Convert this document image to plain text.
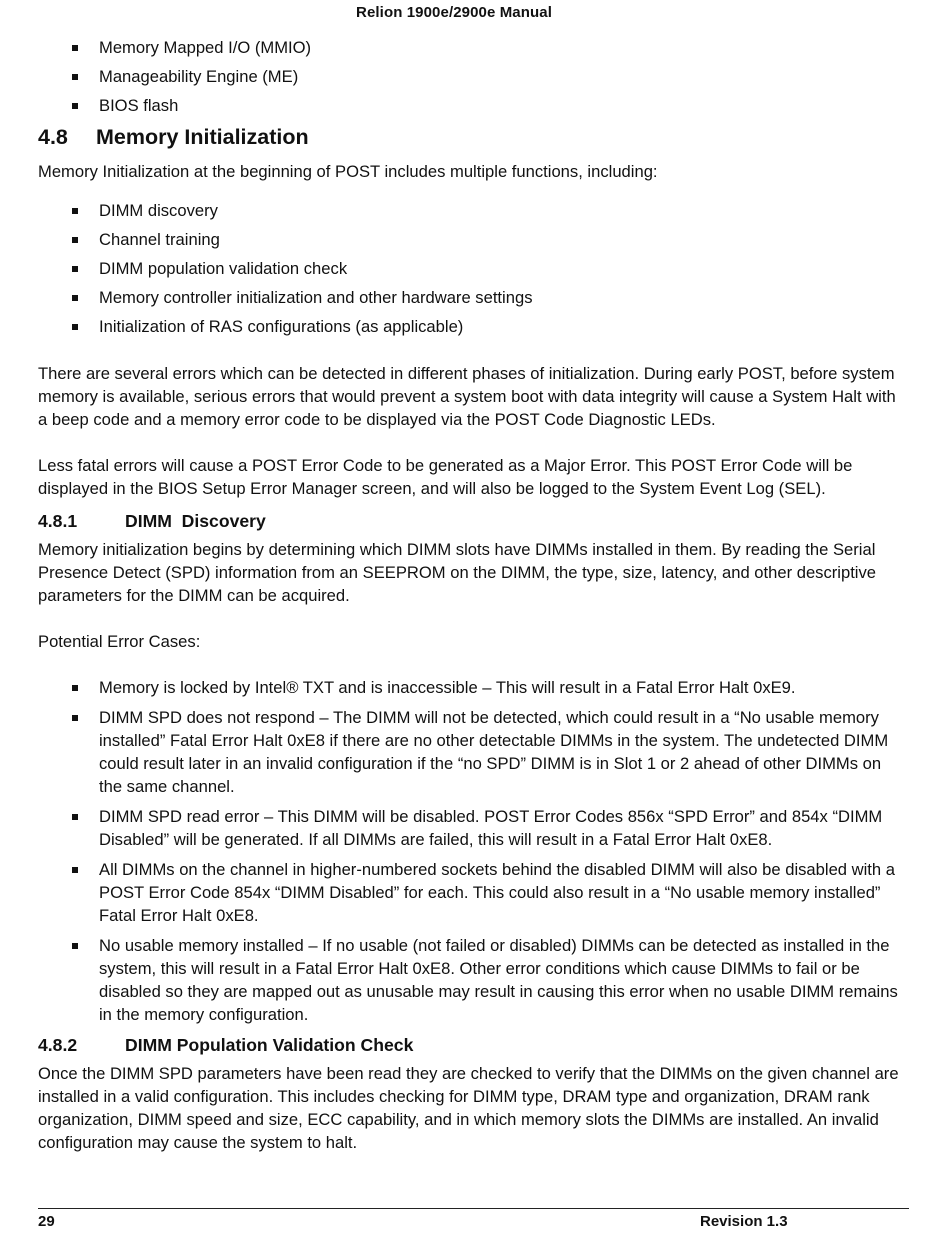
Relion 1900e/2900e Manual
Memory Mapped I/O (MMIO)
Manageability Engine (ME)
BIOS flash
4.8 Memory Initialization

Memory Initialization at the beginning of POST includes multiple functions, including:

DIMM discovery
Channel training
DIMM population validation check
Memory controller initialization and other hardware settings
Initialization of RAS configurations (as applicable)

There are several errors which can be detected in different phases of initialization. During early POST, before system memory is available, serious errors that would prevent a system boot with data integrity will cause a System Halt with a beep code and a memory error code to be displayed via the POST Code Diagnostic LEDs.

Less fatal errors will cause a POST Error Code to be generated as a Major Error. This POST Error Code will be displayed in the BIOS Setup Error Manager screen, and will also be logged to the System Event Log (SEL).

4.8.1	DIMM  Discovery

Memory initialization begins by determining which DIMM slots have DIMMs installed in them. By reading the Serial Presence Detect (SPD) information from an SEEPROM on the DIMM, the type, size, latency, and other descriptive parameters for the DIMM can be acquired.

Potential Error Cases:

Memory is locked by Intel® TXT and is inaccessible – This will result in a Fatal Error Halt 0xE9.
DIMM SPD does not respond – The DIMM will not be detected, which could result in a “No usable memory installed” Fatal Error Halt 0xE8 if there are no other detectable DIMMs in the system. The undetected DIMM could result later in an invalid configuration if the “no SPD” DIMM is in Slot 1 or 2 ahead of other DIMMs on the same channel.
DIMM SPD read error – This DIMM will be disabled. POST Error Codes 856x “SPD Error” and 854x “DIMM Disabled” will be generated. If all DIMMs are failed, this will result in a Fatal Error Halt 0xE8.
All DIMMs on the channel in higher-numbered sockets behind the disabled DIMM will also be disabled with a POST Error Code 854x “DIMM Disabled” for each. This could also result in a “No usable memory installed” Fatal Error Halt 0xE8.
No usable memory installed – If no usable (not failed or disabled) DIMMs can be detected as installed in the system, this will result in a Fatal Error Halt 0xE8. Other error conditions which cause DIMMs to fail or be disabled so they are mapped out as unusable may result in causing this error when no usable DIMM remains in the memory configuration.
4.8.2	DIMM Population Validation Check

Once the DIMM SPD parameters have been read they are checked to verify that the DIMMs on the given channel are installed in a valid configuration. This includes checking for DIMM type, DRAM type and organization, DRAM rank organization, DIMM speed and size, ECC capability, and in which memory slots the DIMMs are installed. An invalid configuration may cause the system to halt.

29	Revision 1.3
